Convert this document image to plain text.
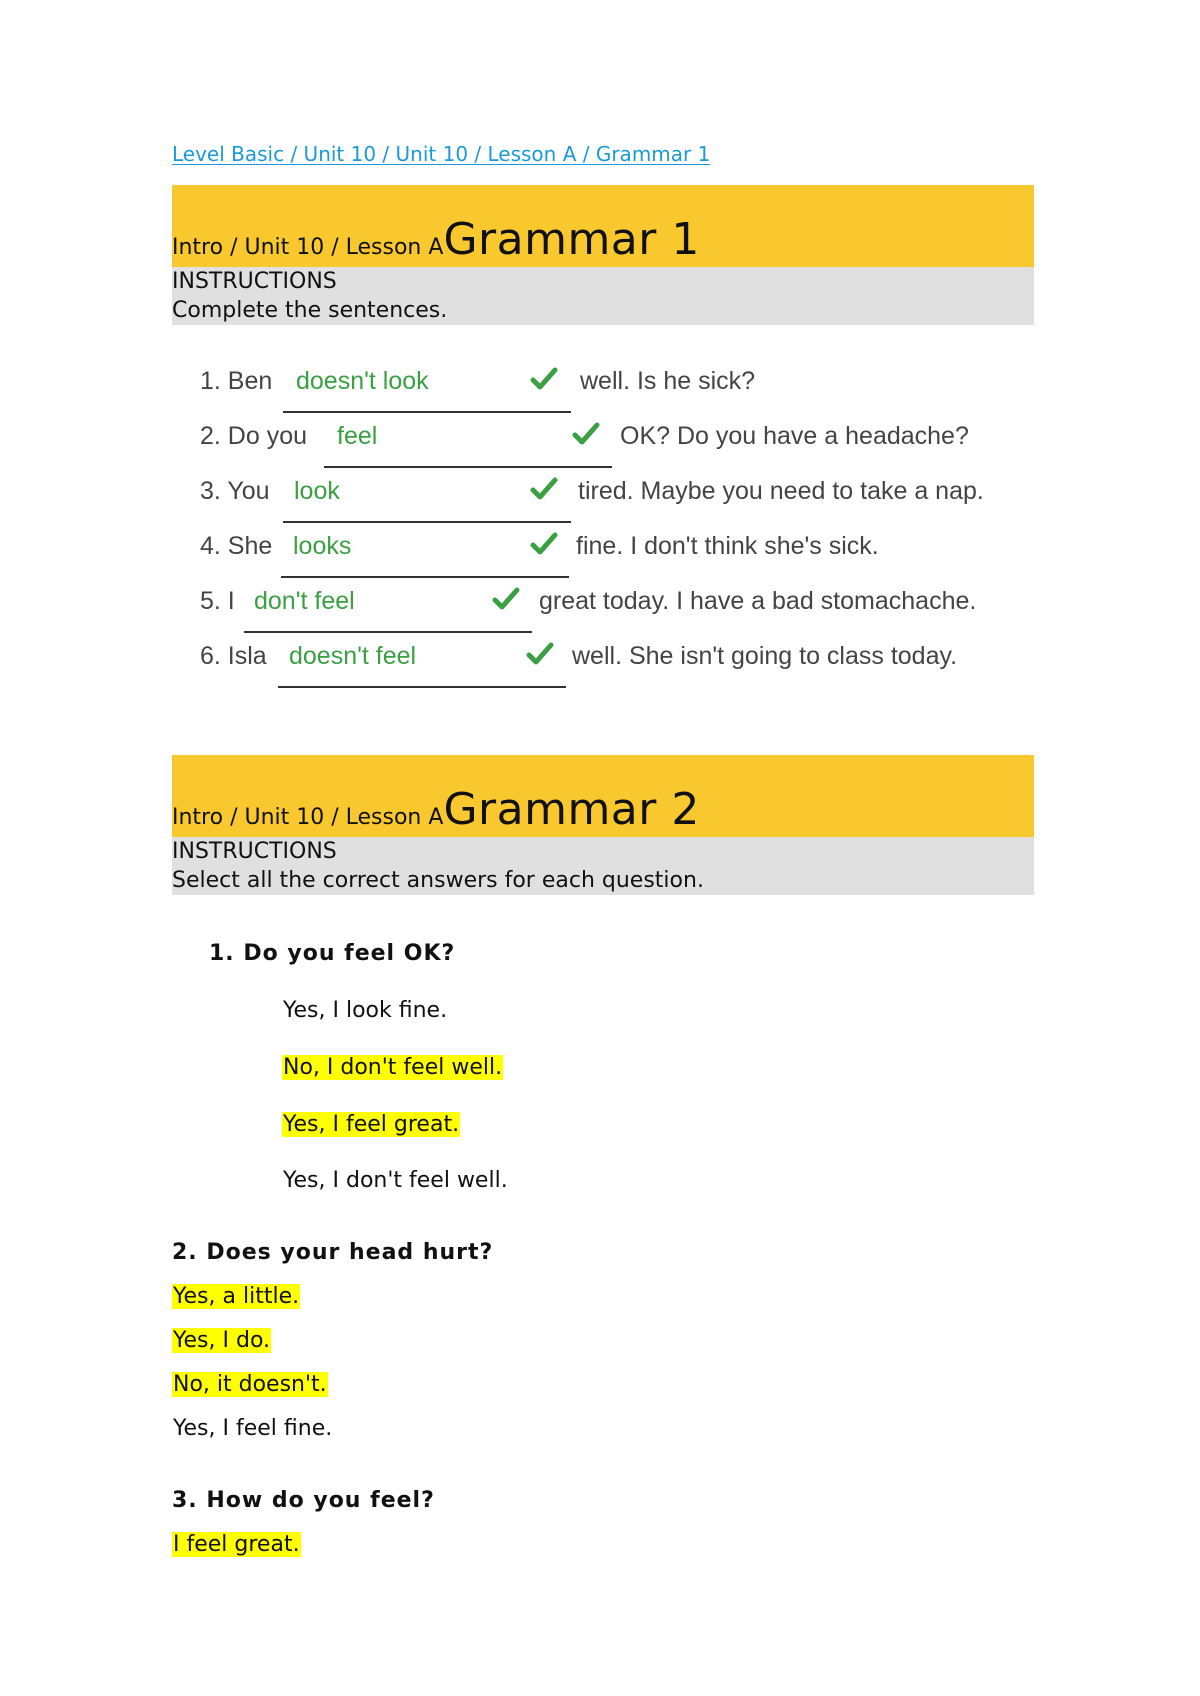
Level Basic / Unit 10 / Unit 10 / Lesson A / Grammar 1
Intro / Unit 10 / Lesson AGrammar 1
INSTRUCTIONS
Complete the sentences.
1. Ben doesn't look	well. Is he sick?
2. Do you feel	OK? Do you have a headache?
3. You look	tired. Maybe you need to take a nap.
4. She looks	fine. I don't think she's sick.
5. I don't feel	great today. I have a bad stomachache.
6. Isla doesn't feel	well. She isn't going to class today.
Intro / Unit 10 / Lesson AGrammar 2
INSTRUCTIONS
Select all the correct answers for each question.
1. Do you feel OK?
Yes, I look fine.
No, I don't feel well.
Yes, I feel great.
Yes, I don't feel well.
2. Does your head hurt?
Yes, a little.
Yes, I do.
No, it doesn't.
Yes, I feel fine.
3. How do you feel?
I feel great.
